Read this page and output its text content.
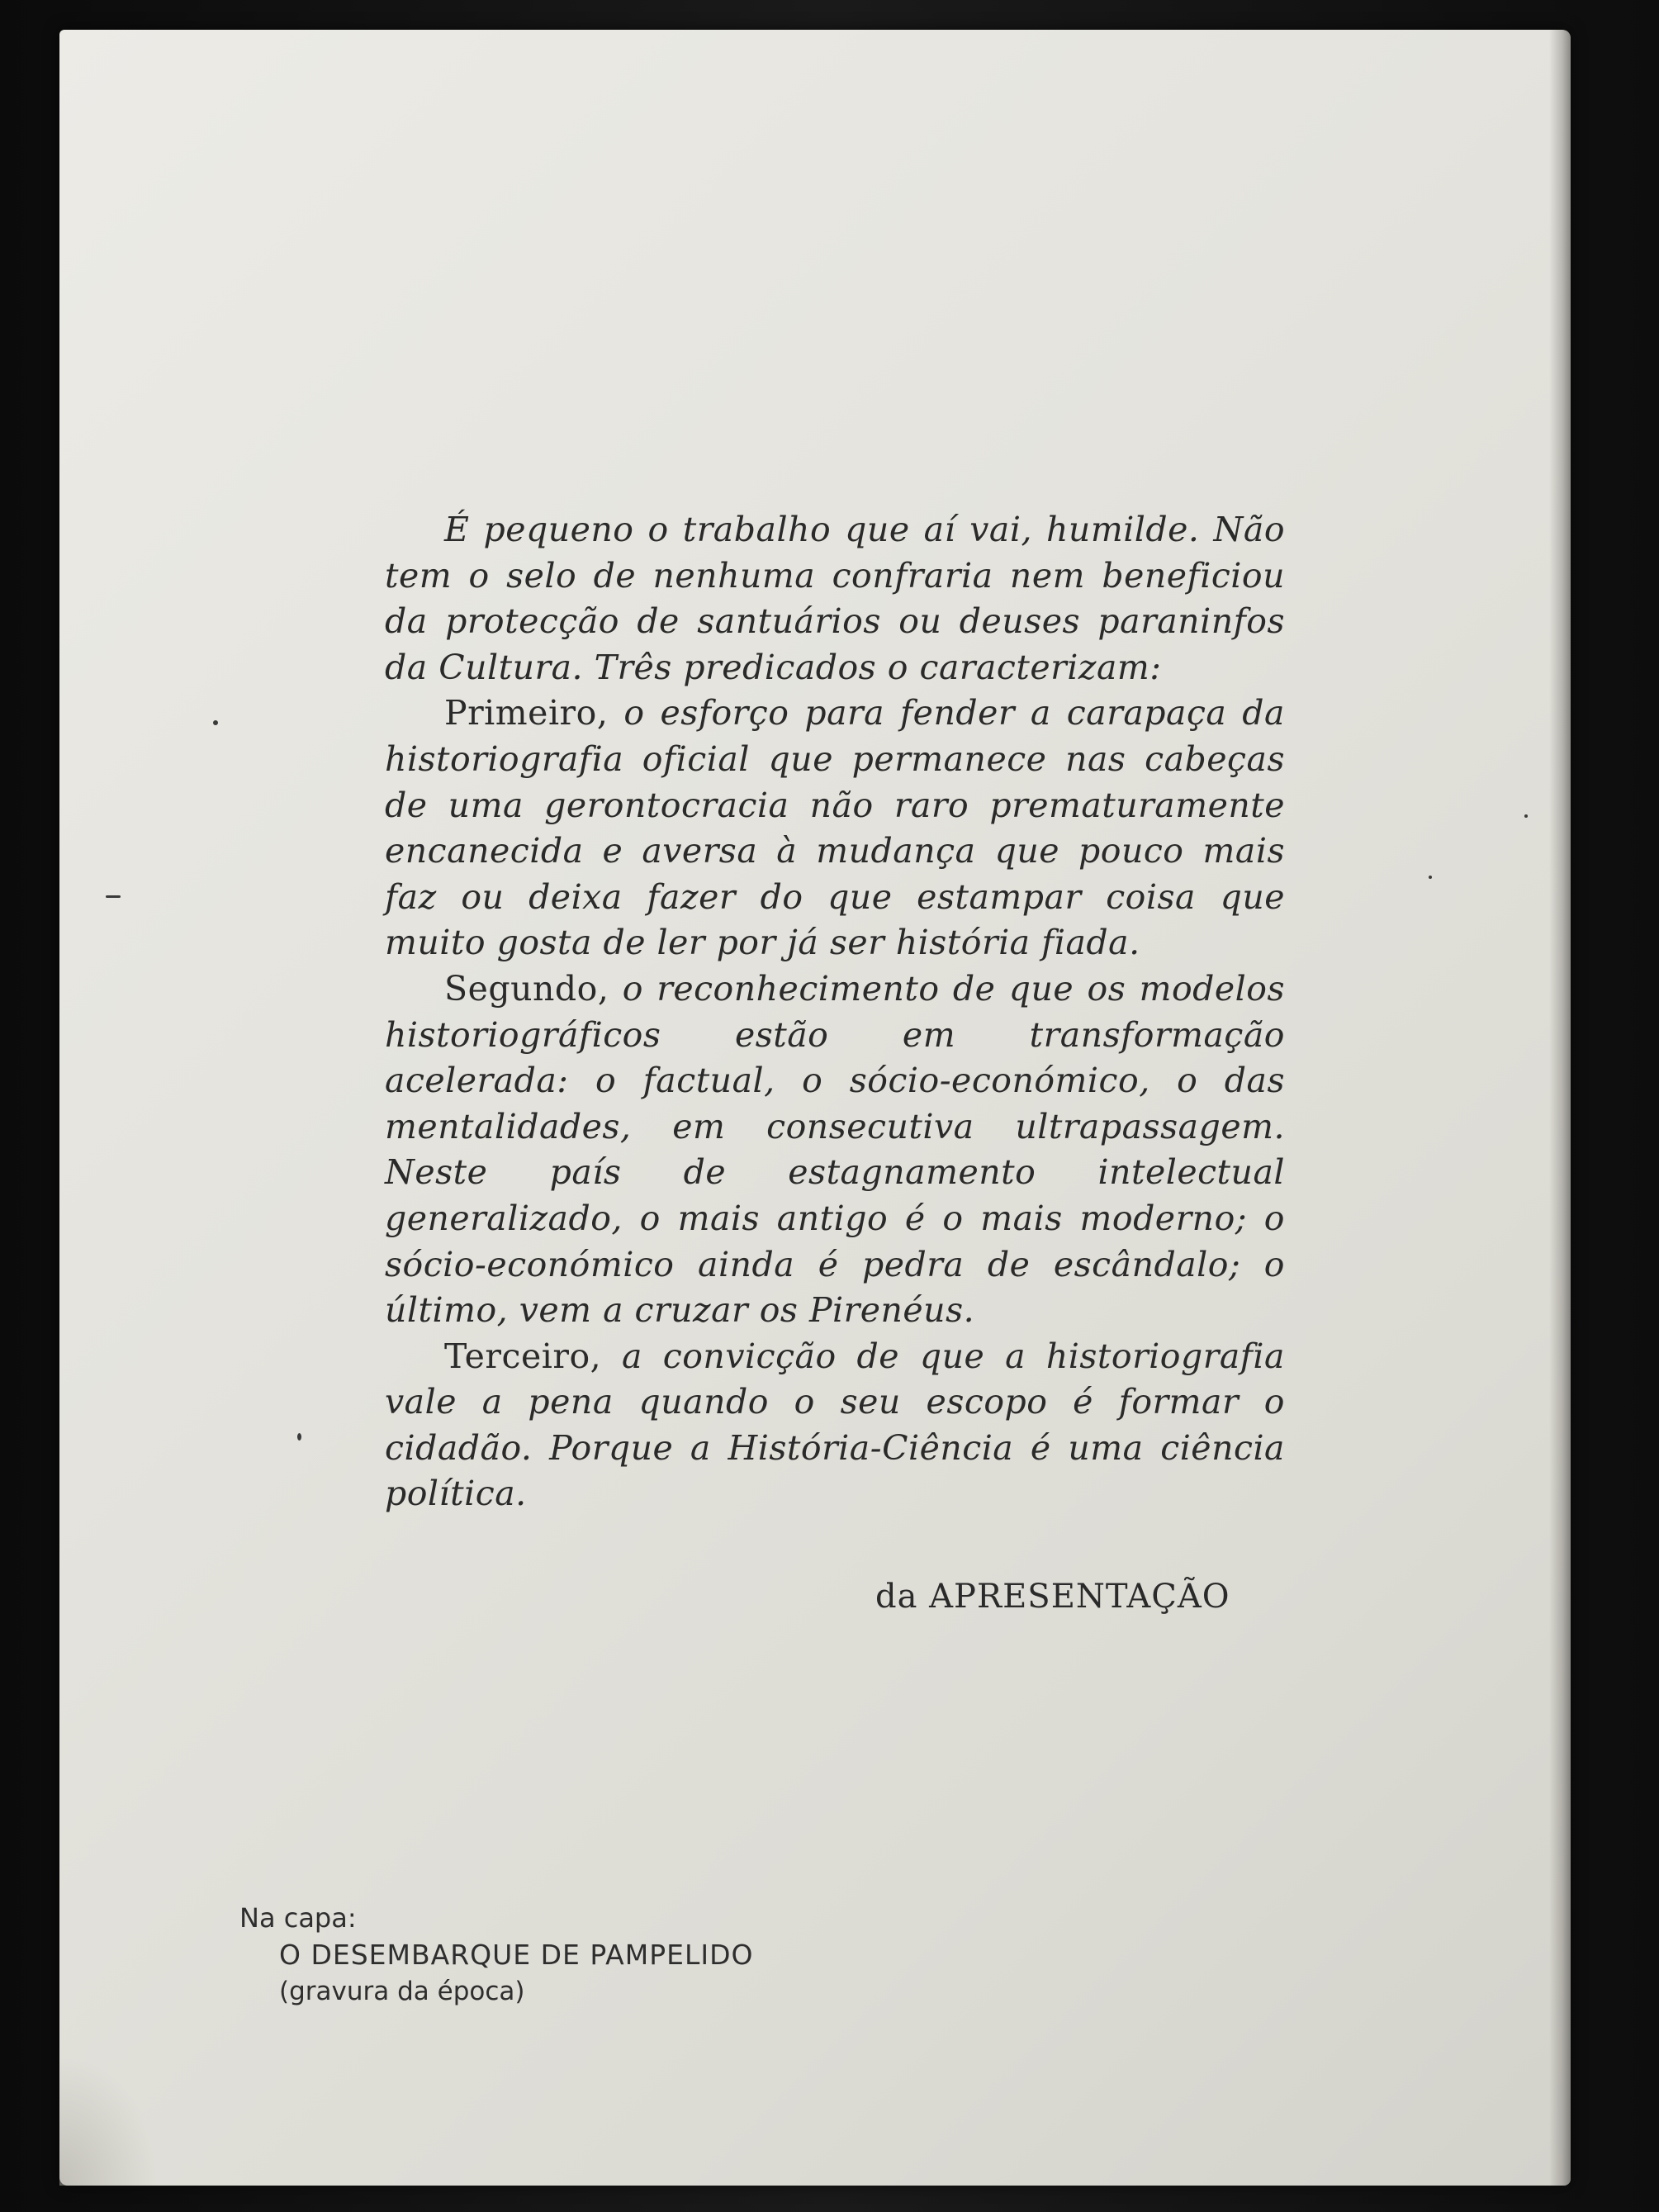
É pequeno o trabalho que aí vai, humilde. Não tem o selo de nenhuma confraria nem beneficiou da protecção de santuários ou deuses paraninfos da Cultura. Três predicados o caracterizam:

Primeiro, o esforço para fender a carapaça da historiografia oficial que permanece nas cabeças de uma gerontocracia não raro prematuramente encanecida e aversa à mudança que pouco mais faz ou deixa fazer do que estampar coisa que muito gosta de ler por já ser história fiada.

Segundo, o reconhecimento de que os modelos historiográficos estão em transformação acelerada: o factual, o sócio-económico, o das mentalidades, em consecutiva ultrapassagem. Neste país de estagnamento intelectual generalizado, o mais antigo é o mais moderno; o sócio-económico ainda é pedra de escândalo; o último, vem a cruzar os Pirenéus.

Terceiro, a convicção de que a historiografia vale a pena quando o seu escopo é formar o cidadão. Porque a História-Ciência é uma ciência política.

da APRESENTAÇÃO
Na capa:
O DESEMBARQUE DE PAMPELIDO
(gravura da época)
